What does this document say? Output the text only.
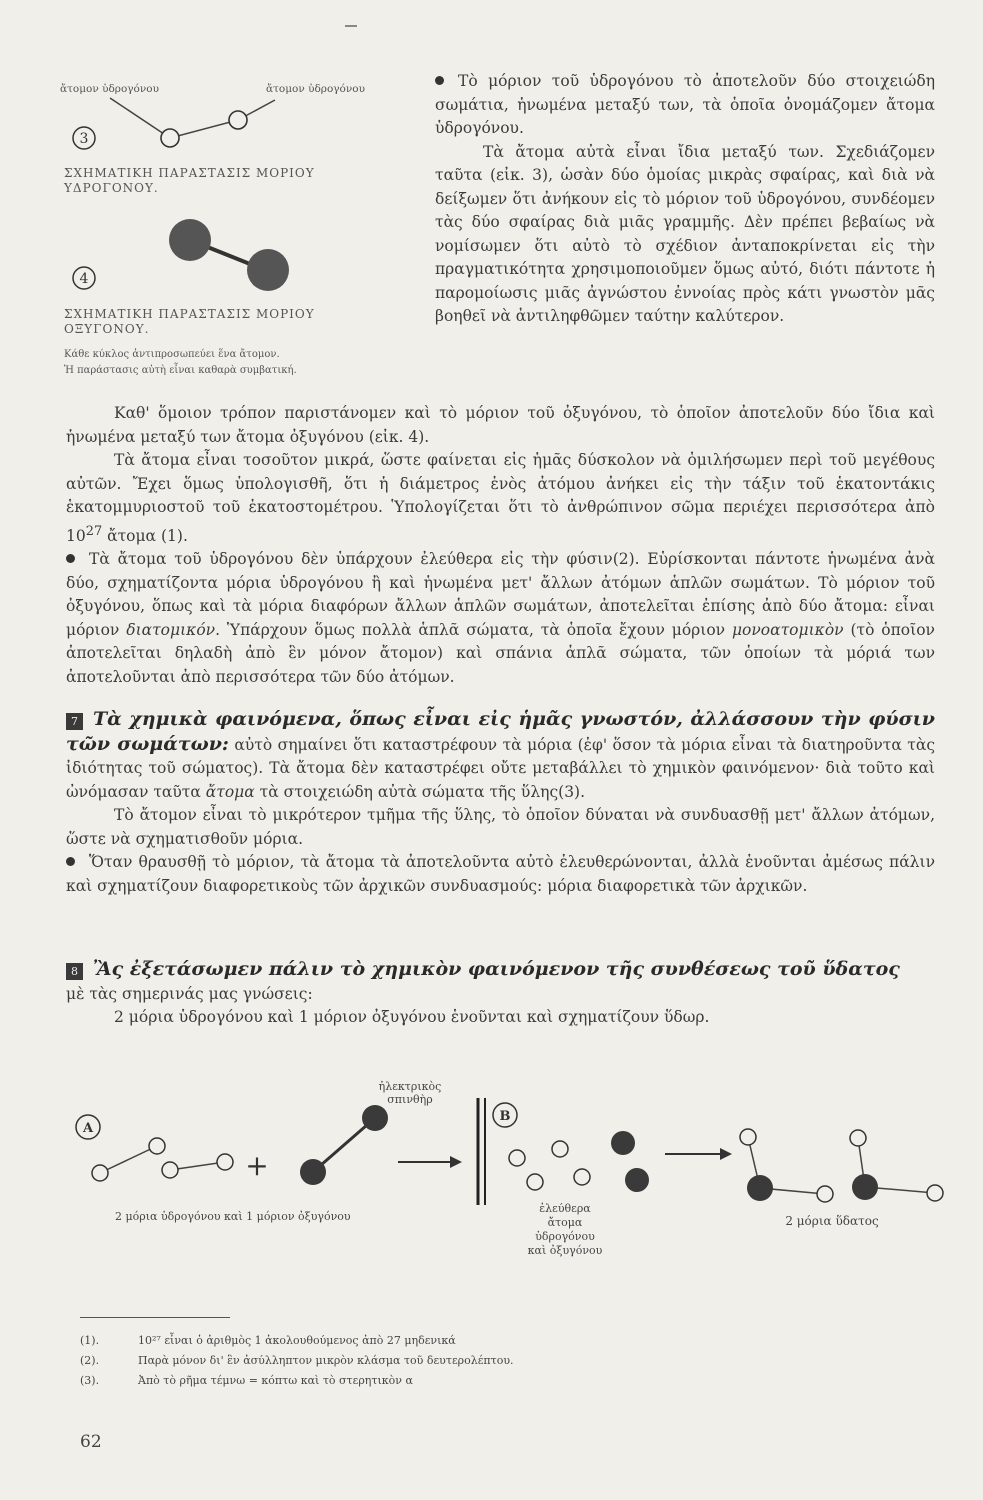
ἄτομον ὑδρογόνου	ἄτομον ὑδρογόνου
3
4
ΣΧΗΜΑΤΙΚΗ ΠΑΡΑΣΤΑΣΙΣ ΜΟΡΙΟΥ ΥΔΡΟΓΟΝΟΥ.
ΣΧΗΜΑΤΙΚΗ ΠΑΡΑΣΤΑΣΙΣ ΜΟΡΙΟΥ ΟΞΥΓΟΝΟΥ.
Κάθε κύκλος ἀντιπροσωπεύει ἕνα ἄτομον.
Ἡ παράστασις αὐτὴ εἶναι καθαρὰ συμβατική.

Τὸ μόριον τοῦ ὑδρογόνου τὸ ἀποτελοῦν δύο στοιχειώδη σωμάτια, ἡνωμένα μεταξύ των, τὰ ὁποῖα ὀνομάζομεν ἄτομα ὑδρογόνου.

Τὰ ἄτομα αὐτὰ εἶναι ἴδια μεταξύ των. Σχεδιάζομεν ταῦτα (εἰκ. 3), ὡσὰν δύο ὁμοίας μικρὰς σφαίρας, καὶ διὰ νὰ δείξωμεν ὅτι ἀνήκουν εἰς τὸ μόριον τοῦ ὑδρογόνου, συνδέομεν τὰς δύο σφαίρας διὰ μιᾶς γραμμῆς. Δὲν πρέπει βεβαίως νὰ νομίσωμεν ὅτι αὐτὸ τὸ σχέδιον ἀνταποκρίνεται εἰς τὴν πραγματικότητα χρησιμοποιοῦμεν ὅμως αὐτό, διότι πάντοτε ἡ παρομοίωσις μιᾶς ἀγνώστου ἐννοίας πρὸς κάτι γνωστὸν μᾶς βοηθεῖ νὰ ἀντιληφθῶμεν ταύτην καλύτερον.

Καθ' ὅμοιον τρόπον παριστάνομεν καὶ τὸ μόριον τοῦ ὀξυγόνου, τὸ ὁποῖον ἀποτελοῦν δύο ἴδια καὶ ἡνωμένα μεταξύ των ἄτομα ὀξυγόνου (εἰκ. 4).

Τὰ ἄτομα εἶναι τοσοῦτον μικρά, ὥστε φαίνεται εἰς ἡμᾶς δύσκολον νὰ ὁμιλήσωμεν περὶ τοῦ μεγέθους αὐτῶν. Ἔχει ὅμως ὑπολογισθῆ, ὅτι ἡ διάμετρος ἑνὸς ἀτόμου ἀνήκει εἰς τὴν τάξιν τοῦ ἑκατοντάκις ἑκατομμυριοστοῦ τοῦ ἑκατοστομέτρου. Ὑπολογίζεται ὅτι τὸ ἀνθρώπινον σῶμα περιέχει περισσότερα ἀπὸ $10^{27}$ ἄτομα (1).

Τὰ ἄτομα τοῦ ὑδρογόνου δὲν ὑπάρχουν ἐλεύθερα εἰς τὴν φύσιν(2). Εὑρίσκονται πάντοτε ἡνωμένα ἀνὰ δύο, σχηματίζοντα μόρια ὑδρογόνου ἢ καὶ ἡνωμένα μετ' ἄλλων ἀτόμων ἁπλῶν σωμάτων. Τὸ μόριον τοῦ ὀξυγόνου, ὅπως καὶ τὰ μόρια διαφόρων ἄλλων ἁπλῶν σωμάτων, ἀποτελεῖται ἐπίσης ἀπὸ δύο ἄτομα: εἶναι μόριον διατομικόν. Ὑπάρχουν ὅμως πολλὰ ἁπλᾶ σώματα, τὰ ὁποῖα ἔχουν μόριον μονοατομικὸν (τὸ ὁποῖον ἀποτελεῖται δηλαδὴ ἀπὸ ἓν μόνον ἄτομον) καὶ σπάνια ἁπλᾶ σώματα, τῶν ὁποίων τὰ μόριά των ἀποτελοῦνται ἀπὸ περισσότερα τῶν δύο ἀτόμων.

7 Τὰ χημικὰ φαινόμενα, ὅπως εἶναι εἰς ἡμᾶς γνωστόν, ἀλλάσσουν τὴν φύσιν τῶν σωμάτων: αὐτὸ σημαίνει ὅτι καταστρέφουν τὰ μόρια (ἐφ' ὅσον τὰ μόρια εἶναι τὰ διατηροῦντα τὰς ἰδιότητας τοῦ σώματος). Τὰ ἄτομα δὲν καταστρέφει οὔτε μεταβάλλει τὸ χημικὸν φαινόμενον· διὰ τοῦτο καὶ ὠνόμασαν ταῦτα ἄτομα τὰ στοιχειώδη αὐτὰ σώματα τῆς ὕλης(3).

Τὸ ἄτομον εἶναι τὸ μικρότερον τμῆμα τῆς ὕλης, τὸ ὁποῖον δύναται νὰ συνδυασθῇ μετ' ἄλλων ἀτόμων, ὥστε νὰ σχηματισθοῦν μόρια.

Ὅταν θραυσθῇ τὸ μόριον, τὰ ἄτομα τὰ ἀποτελοῦντα αὐτὸ ἐλευθερώνονται, ἀλλὰ ἑνοῦνται ἀμέσως πάλιν καὶ σχηματίζουν διαφορετικοὺς τῶν ἀρχικῶν συνδυασμούς: μόρια διαφορετικὰ τῶν ἀρχικῶν.

8 Ἂς ἐξετάσωμεν πάλιν τὸ χημικὸν φαινόμενον τῆς συνθέσεως τοῦ ὕδατος

μὲ τὰς σημερινάς μας γνώσεις:

2 μόρια ὑδρογόνου καὶ 1 μόριον ὀξυγόνου ἑνοῦνται καὶ σχηματίζουν ὕδωρ.

A
+
ἠλεκτρικὸς
σπινθὴρ
B
2 μόρια ὑδρογόνου καὶ 1 μόριον ὀξυγόνου
ἐλεύθερα
ἄτομα
ὑδρογόνου
καὶ ὀξυγόνου
2 μόρια ὕδατος
(1).	10²⁷ εἶναι ὁ ἀριθμὸς 1 ἀκολουθούμενος ἀπὸ 27 μηδενικά
(2).	Παρὰ μόνον δι' ἓν ἀσύλληπτον μικρὸν κλάσμα τοῦ δευτερολέπτου.
(3).	Ἀπὸ τὸ ρῆμα τέμνω = κόπτω καὶ τὸ στερητικὸν α
62
